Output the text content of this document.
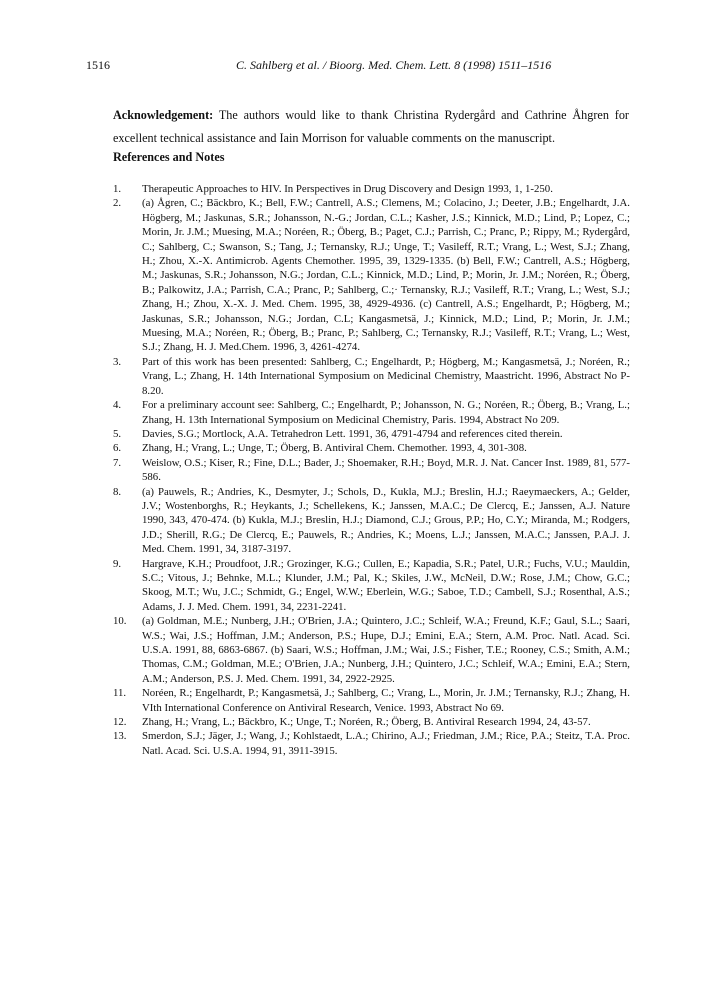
1516	C. Sahlberg et al. / Bioorg. Med. Chem. Lett. 8 (1998) 1511–1516
Acknowledgement: The authors would like to thank Christina Rydergård and Cathrine Åhgren for excellent technical assistance and Iain Morrison for valuable comments on the manuscript.
References and Notes
1. Therapeutic Approaches to HIV. In Perspectives in Drug Discovery and Design 1993, 1, 1-250.
2. (a) Ågren, C.; Bäckbro, K.; Bell, F.W.; Cantrell, A.S.; Clemens, M.; Colacino, J.; Deeter, J.B.; Engelhardt, J.A. Högberg, M.; Jaskunas, S.R.; Johansson, N.-G.; Jordan, C.L.; Kasher, J.S.; Kinnick, M.D.; Lind, P.; Lopez, C.; Morin, Jr. J.M.; Muesing, M.A.; Noréen, R.; Öberg, B.; Paget, C.J.; Parrish, C.; Pranc, P.; Rippy, M.; Rydergård, C.; Sahlberg, C.; Swanson, S.; Tang, J.; Ternansky, R.J.; Unge, T.; Vasileff, R.T.; Vrang, L.; West, S.J.; Zhang, H.; Zhou, X.-X. Antimicrob. Agents Chemother. 1995, 39, 1329-1335. (b) Bell, F.W.; Cantrell, A.S.; Högberg, M.; Jaskunas, S.R.; Johansson, N.G.; Jordan, C.L.; Kinnick, M.D.; Lind, P.; Morin, Jr. J.M.; Noréen, R.; Öberg, B.; Palkowitz, J.A.; Parrish, C.A.; Pranc, P.; Sahlberg, C.;· Ternansky, R.J.; Vasileff, R.T.; Vrang, L.; West, S.J.; Zhang, H.; Zhou, X.-X. J. Med. Chem. 1995, 38, 4929-4936. (c) Cantrell, A.S.; Engelhardt, P.; Högberg, M.; Jaskunas, S.R.; Johansson, N.G.; Jordan, C.L; Kangasmetsä, J.; Kinnick, M.D.; Lind, P.; Morin, Jr. J.M.; Muesing, M.A.; Noréen, R.; Öberg, B.; Pranc, P.; Sahlberg, C.; Ternansky, R.J.; Vasileff, R.T.; Vrang, L.; West, S.J.; Zhang, H. J. Med.Chem. 1996, 3, 4261-4274.
3. Part of this work has been presented: Sahlberg, C.; Engelhardt, P.; Högberg, M.; Kangasmetsä, J.; Noréen, R.; Vrang, L.; Zhang, H. 14th International Symposium on Medicinal Chemistry, Maastricht. 1996, Abstract No P-8.20.
4. For a preliminary account see: Sahlberg, C.; Engelhardt, P.; Johansson, N. G.; Noréen, R.; Öberg, B.; Vrang, L.; Zhang, H. 13th International Symposium on Medicinal Chemistry, Paris. 1994, Abstract No 209.
5. Davies, S.G.; Mortlock, A.A. Tetrahedron Lett. 1991, 36, 4791-4794 and references cited therein.
6. Zhang, H.; Vrang, L.; Unge, T.; Öberg, B. Antiviral Chem. Chemother. 1993, 4, 301-308.
7. Weislow, O.S.; Kiser, R.; Fine, D.L.; Bader, J.; Shoemaker, R.H.; Boyd, M.R. J. Nat. Cancer Inst. 1989, 81, 577-586.
8. (a) Pauwels, R.; Andries, K., Desmyter, J.; Schols, D., Kukla, M.J.; Breslin, H.J.; Raeymaeckers, A.; Gelder, J.V.; Wostenborghs, R.; Heykants, J.; Schellekens, K.; Janssen, M.A.C.; De Clercq, E.; Janssen, A.J. Nature 1990, 343, 470-474. (b) Kukla, M.J.; Breslin, H.J.; Diamond, C.J.; Grous, P.P.; Ho, C.Y.; Miranda, M.; Rodgers, J.D.; Sherill, R.G.; De Clercq, E.; Pauwels, R.; Andries, K.; Moens, L.J.; Janssen, M.A.C.; Janssen, P.A.J. J. Med. Chem. 1991, 34, 3187-3197.
9. Hargrave, K.H.; Proudfoot, J.R.; Grozinger, K.G.; Cullen, E.; Kapadia, S.R.; Patel, U.R.; Fuchs, V.U.; Mauldin, S.C.; Vitous, J.; Behnke, M.L.; Klunder, J.M.; Pal, K.; Skiles, J.W., McNeil, D.W.; Rose, J.M.; Chow, G.C.; Skoog, M.T.; Wu, J.C.; Schmidt, G.; Engel, W.W.; Eberlein, W.G.; Saboe, T.D.; Cambell, S.J.; Rosenthal, A.S.; Adams, J. J. Med. Chem. 1991, 34, 2231-2241.
10. (a) Goldman, M.E.; Nunberg, J.H.; O'Brien, J.A.; Quintero, J.C.; Schleif, W.A.; Freund, K.F.; Gaul, S.L.; Saari, W.S.; Wai, J.S.; Hoffman, J.M.; Anderson, P.S.; Hupe, D.J.; Emini, E.A.; Stern, A.M. Proc. Natl. Acad. Sci. U.S.A. 1991, 88, 6863-6867. (b) Saari, W.S.; Hoffman, J.M.; Wai, J.S.; Fisher, T.E.; Rooney, C.S.; Smith, A.M.; Thomas, C.M.; Goldman, M.E.; O'Brien, J.A.; Nunberg, J.H.; Quintero, J.C.; Schleif, W.A.; Emini, E.A.; Stern, A.M.; Anderson, P.S. J. Med. Chem. 1991, 34, 2922-2925.
11. Noréen, R.; Engelhardt, P.; Kangasmetsä, J.; Sahlberg, C.; Vrang, L., Morin, Jr. J.M.; Ternansky, R.J.; Zhang, H. VIth International Conference on Antiviral Research, Venice. 1993, Abstract No 69.
12. Zhang, H.; Vrang, L.; Bäckbro, K.; Unge, T.; Noréen, R.; Öberg, B. Antiviral Research 1994, 24, 43-57.
13. Smerdon, S.J.; Jäger, J.; Wang, J.; Kohlstaedt, L.A.; Chirino, A.J.; Friedman, J.M.; Rice, P.A.; Steitz, T.A. Proc. Natl. Acad. Sci. U.S.A. 1994, 91, 3911-3915.
